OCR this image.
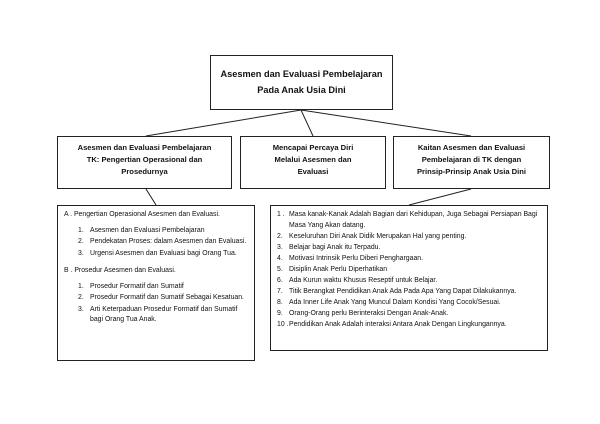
Asesmen dan Evaluasi Pembelajaran
Pada Anak Usia Dini
Asesmen dan Evaluasi Pembelajaran
TK: Pengertian Operasional dan
Prosedurnya
Mencapai Percaya Diri
Melalui Asesmen dan
Evaluasi
Kaitan Asesmen dan Evaluasi
Pembelajaran di TK dengan
Prinsip-Prinsip Anak Usia Dini
A . Pengertian Operasional Asesmen dan Evaluasi.
1. Asesmen dan Evaluasi Pembelajaran
2. Pendekatan Proses: dalam Asesmen dan Evaluasi.
3. Urgensi Asesmen dan Evaluasi bagi Orang Tua.
B . Prosedur Asesmen dan Evaluasi.
1. Prosedur Formatif dan Sumatif
2. Prosedur Formatif dan Sumatif Sebagai Kesatuan.
3. Arti Keterpaduan Prosedur Formatif dan Sumatif bagi Orang Tua Anak.
1 . Masa kanak-Kanak Adalah Bagian dari Kehidupan, Juga Sebagai Persiapan Bagi Masa Yang Akan datang.
2. Keseluruhan Diri Anak Didik Merupakan Hal yang penting.
3. Belajar bagi Anak itu Terpadu.
4. Motivasi Intrinsik Perlu Diberi Penghargaan.
5. Disiplin Anak Perlu Diperhatikan
6. Ada Kurun waktu Khusus Reseptif untuk Belajar.
7. Titik Berangkat Pendidikan Anak Ada Pada Apa Yang Dapat Dilakukannya.
8. Ada Inner Life Anak Yang Muncul Dalam Kondisi Yang Cocok/Sesuai.
9. Orang-Orang perlu Berinteraksi Dengan Anak-Anak.
10 . Pendidikan Anak Adalah interaksi Antara Anak Dengan Lingkungannya.
